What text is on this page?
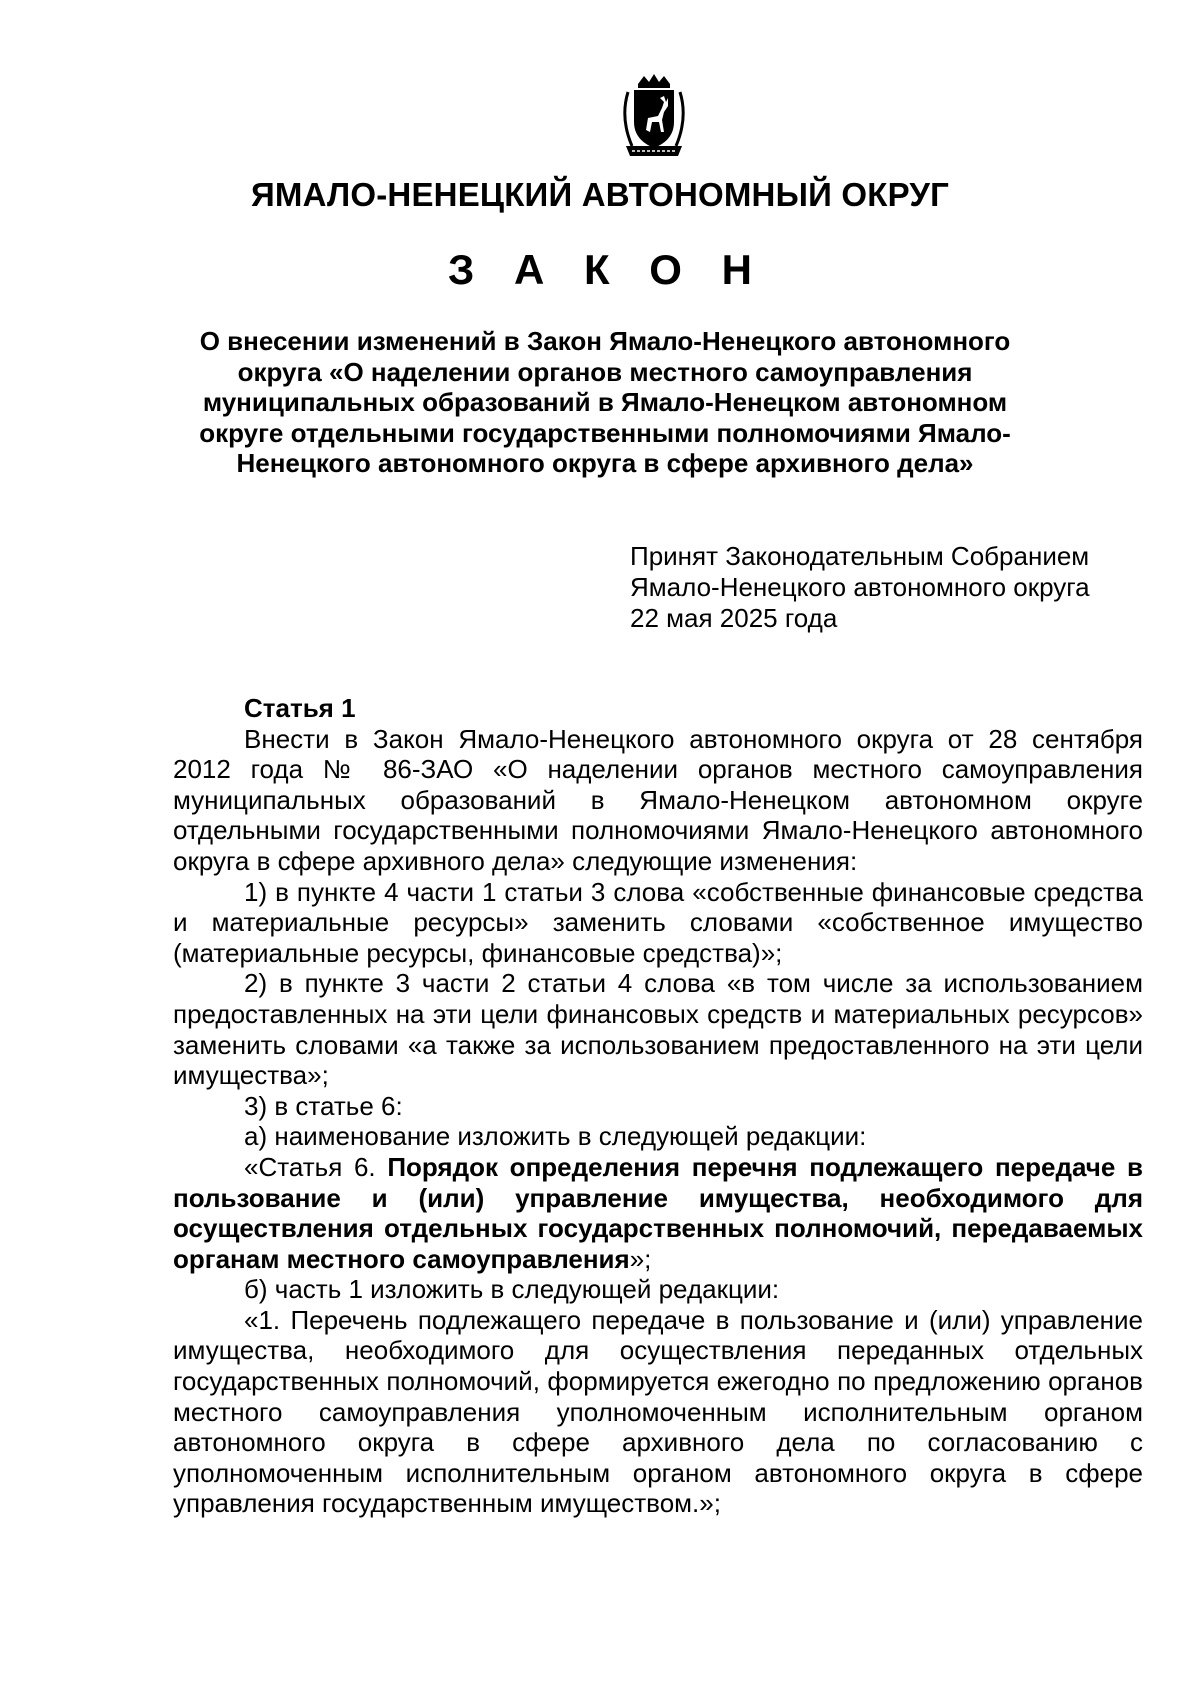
ЯМАЛО-НЕНЕЦКИЙ АВТОНОМНЫЙ ОКРУГ
З А К О Н
О внесении изменений в Закон Ямало-Ненецкого автономного округа «О наделении органов местного самоуправления муниципальных образований в Ямало-Ненецком автономном округе отдельными государственными полномочиями Ямало-Ненецкого автономного округа в сфере архивного дела»
Принят Законодательным Собранием
Ямало-Ненецкого автономного округа
22 мая 2025 года

Статья 1

Внести в Закон Ямало-Ненецкого автономного округа от 28 сентября 2012 года № 86-ЗАО «О наделении органов местного самоуправления муниципальных образований в Ямало-Ненецком автономном округе отдельными государственными полномочиями Ямало-Ненецкого автономного округа в сфере архивного дела» следующие изменения:

1) в пункте 4 части 1 статьи 3 слова «собственные финансовые средства и материальные ресурсы» заменить словами «собственное имущество (материальные ресурсы, финансовые средства)»;

2) в пункте 3 части 2 статьи 4 слова «в том числе за использованием предоставленных на эти цели финансовых средств и материальных ресурсов» заменить словами «а также за использованием предоставленного на эти цели имущества»;

3) в статье 6:

а) наименование изложить в следующей редакции:

«Статья 6. Порядок определения перечня подлежащего передаче в пользование и (или) управление имущества, необходимого для осуществления отдельных государственных полномочий, передаваемых органам местного самоуправления»;

б) часть 1 изложить в следующей редакции:

«1. Перечень подлежащего передаче в пользование и (или) управление имущества, необходимого для осуществления переданных отдельных государственных полномочий, формируется ежегодно по предложению органов местного самоуправления уполномоченным исполнительным органом автономного округа в сфере архивного дела по согласованию с уполномоченным исполнительным органом автономного округа в сфере управления государственным имуществом.»;
